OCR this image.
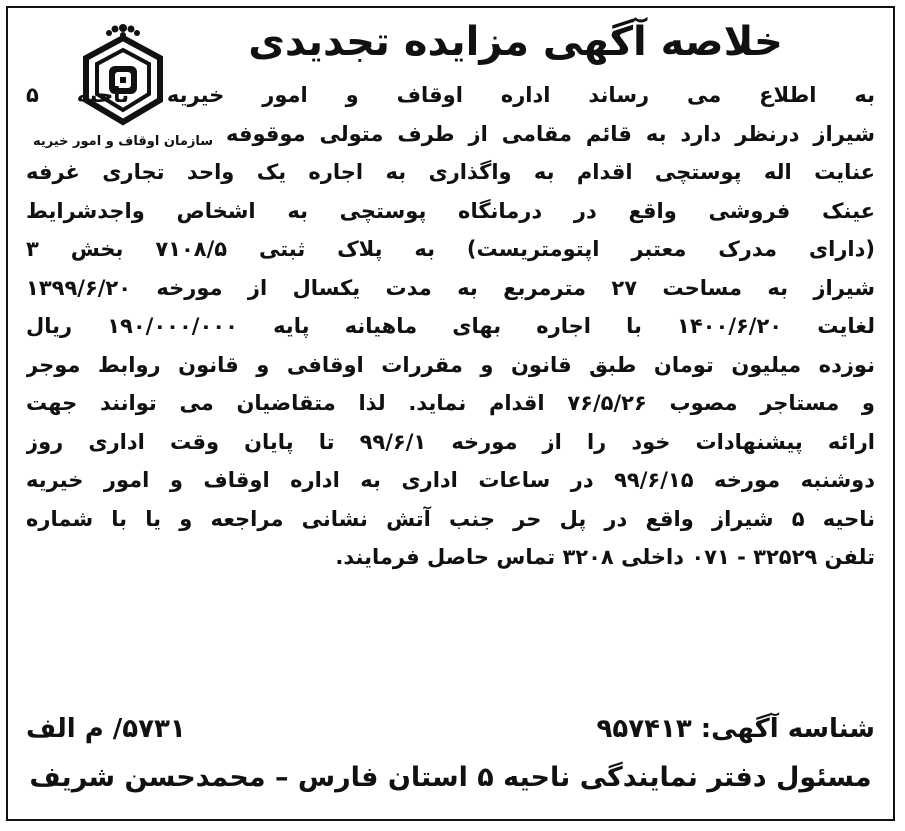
خلاصه آگهی مزایده تجدیدی
سازمان اوقاف و امور خیریه
به اطلاع می رساند اداره اوقاف و امور خیریه ناحیه ۵
شیراز درنظر دارد به قائم مقامی از طرف متولی موقوفه
عنایت اله پوستچی اقدام به واگذاری به اجاره یک واحد تجاری غرفه
عینک فروشی واقع در درمانگاه پوستچی به اشخاص واجدشرایط
(دارای مدرک معتبر اپتومتریست) به پلاک ثبتی ۷۱۰۸/۵ بخش ۳
شیراز به مساحت ۲۷ مترمربع به مدت یکسال از مورخه ۱۳۹۹/۶/۲۰
لغایت ۱۴۰۰/۶/۲۰ با اجاره بهای ماهیانه پایه ۱۹۰/۰۰۰/۰۰۰ ریال
نوزده میلیون تومان طبق قانون و مقررات اوقافی و قانون روابط موجر
و مستاجر مصوب ۷۶/۵/۲۶ اقدام نماید. لذا متقاضیان می توانند جهت
ارائه پیشنهادات خود را از مورخه ۹۹/۶/۱ تا پایان وقت اداری روز
دوشنبه مورخه ۹۹/۶/۱۵ در ساعات اداری به اداره اوقاف و امور خیریه
ناحیه ۵ شیراز واقع در پل حر جنب آتش نشانی مراجعه و یا با شماره
تلفن ۳۲۵۲۹ - ۰۷۱ داخلی ۳۲۰۸ تماس حاصل فرمایند.
شناسه آگهی: ۹۵۷۴۱۳
۵۷۳۱/ م الف
مسئول دفتر نمایندگی ناحیه ۵ استان فارس – محمدحسن شریف
